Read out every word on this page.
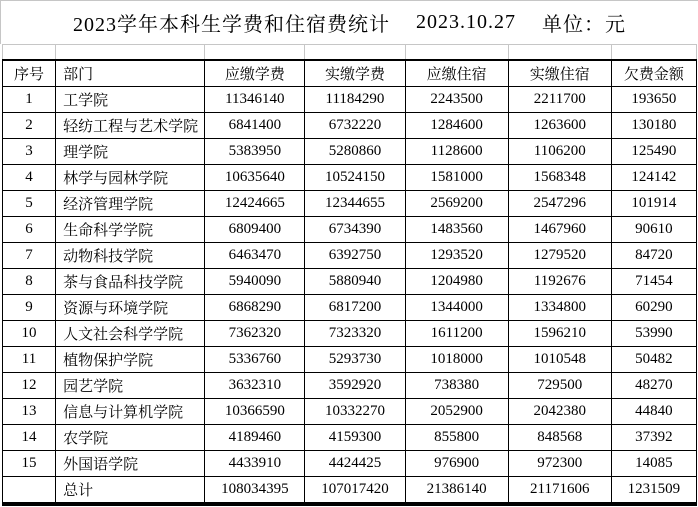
2023学年本科生学费和住宿费统计 2023.10.27 单位：元

序号	部门	应缴学费	实缴学费	应缴住宿	实缴住宿	欠费金额
1	工学院	11346140	11184290	2243500	2211700	193650
2	轻纺工程与艺术学院	6841400	6732220	1284600	1263600	130180
3	理学院	5383950	5280860	1128600	1106200	125490
4	林学与园林学院	10635640	10524150	1581000	1568348	124142
5	经济管理学院	12424665	12344655	2569200	2547296	101914
6	生命科学学院	6809400	6734390	1483560	1467960	90610
7	动物科技学院	6463470	6392750	1293520	1279520	84720
8	茶与食品科技学院	5940090	5880940	1204980	1192676	71454
9	资源与环境学院	6868290	6817200	1344000	1334800	60290
10	人文社会科学学院	7362320	7323320	1611200	1596210	53990
11	植物保护学院	5336760	5293730	1018000	1010548	50482
12	园艺学院	3632310	3592920	738380	729500	48270
13	信息与计算机学院	10366590	10332270	2052900	2042380	44840
14	农学院	4189460	4159300	855800	848568	37392
15	外国语学院	4433910	4424425	976900	972300	14085
	总计	108034395	107017420	21386140	21171606	1231509
